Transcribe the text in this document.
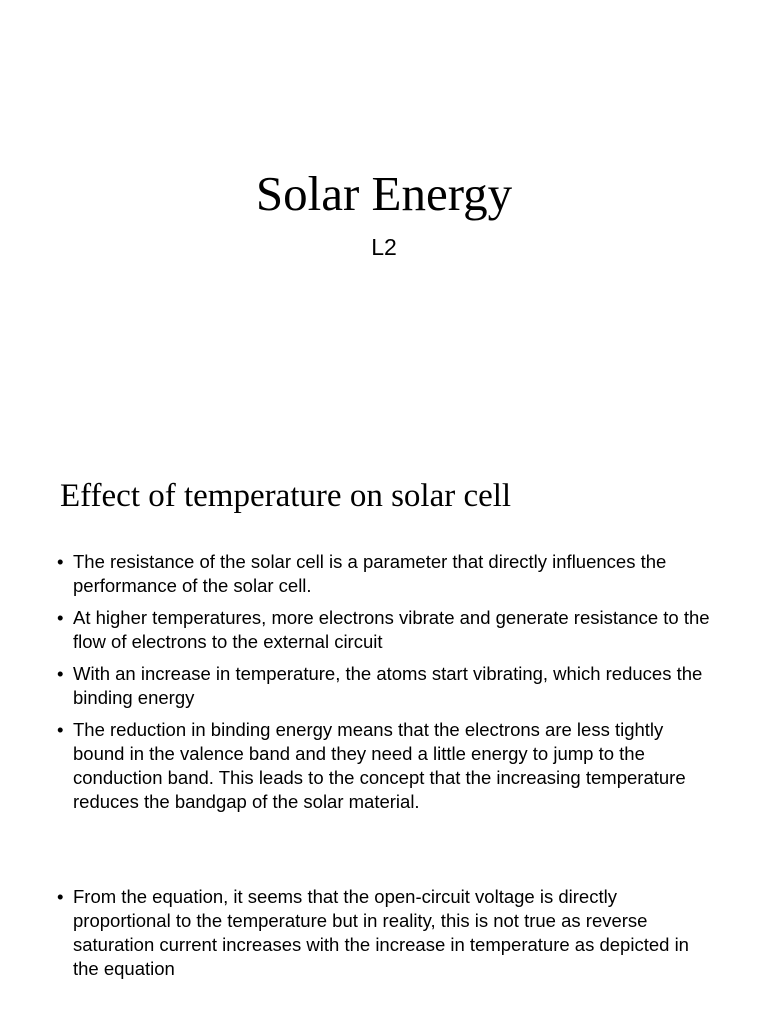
Solar Energy
L2
Effect of temperature on solar cell
• The resistance of the solar cell is a parameter that directly influences the performance of the solar cell.
• At higher temperatures, more electrons vibrate and generate resistance to the flow of electrons to the external circuit
• With an increase in temperature, the atoms start vibrating, which reduces the binding energy
• The reduction in binding energy means that the electrons are less tightly bound in the valence band and they need a little energy to jump to the conduction band. This leads to the concept that the increasing temperature reduces the bandgap of the solar material.
• From the equation, it seems that the open-circuit voltage is directly proportional to the temperature but in reality, this is not true as reverse saturation current increases with the increase in temperature as depicted in the equation
